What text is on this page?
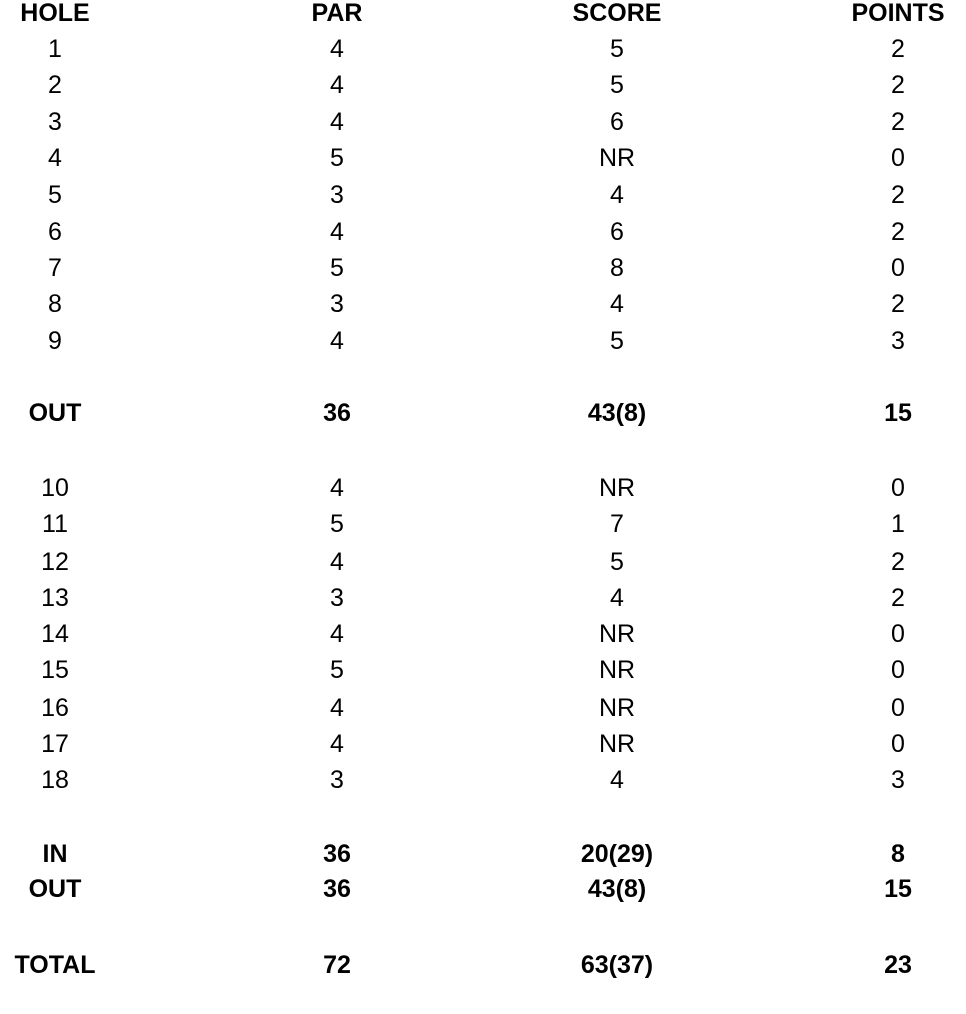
HOLE	PAR	SCORE	POINTS
1	4	5	2
2	4	5	2
3	4	6	2
4	5	NR	0
5	3	4	2
6	4	6	2
7	5	8	0
8	3	4	2
9	4	5	3
OUT	36	43(8)	15
10	4	NR	0
11	5	7	1
12	4	5	2
13	3	4	2
14	4	NR	0
15	5	NR	0
16	4	NR	0
17	4	NR	0
18	3	4	3
IN	36	20(29)	8
OUT	36	43(8)	15
TOTAL	72	63(37)	23
